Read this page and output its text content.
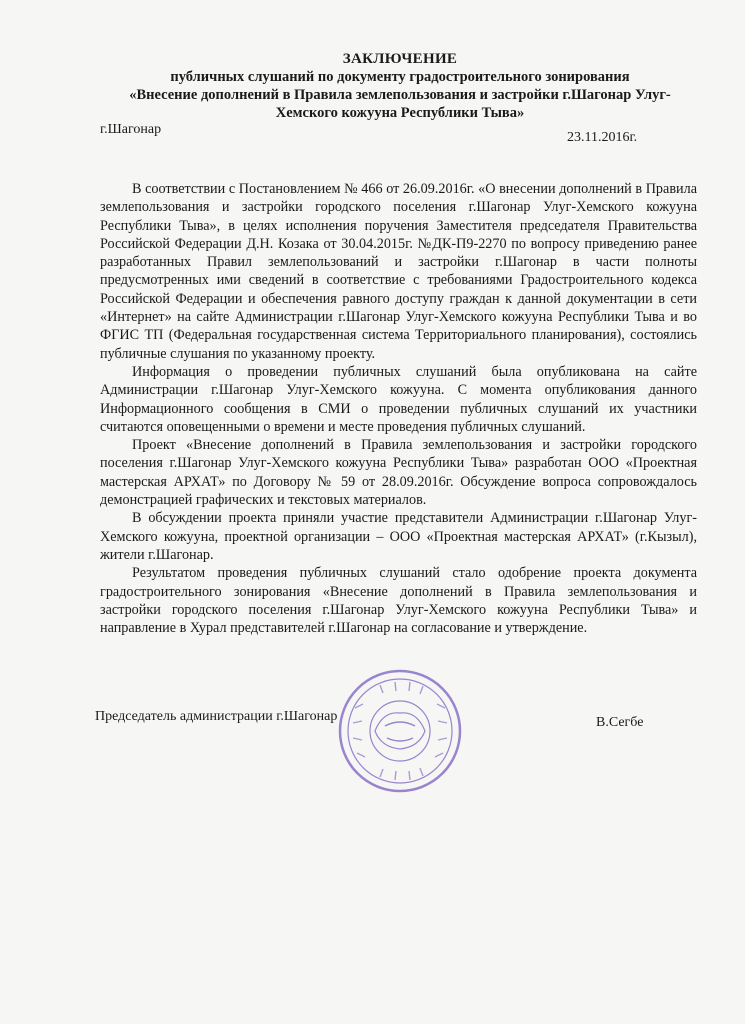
ЗАКЛЮЧЕНИЕ
публичных слушаний по документу градостроительного зонирования
«Внесение дополнений в Правила землепользования и застройки г.Шагонар Улуг-
Хемского кожууна Республики Тыва»
г.Шагонар
23.11.2016г.

В соответствии с Постановлением № 466 от 26.09.2016г. «О внесении дополнений в Правила землепользования и застройки городского поселения г.Шагонар Улуг-Хемского кожууна Республики Тыва», в целях исполнения поручения Заместителя председателя Правительства Российской Федерации Д.Н. Козака от 30.04.2015г. №ДК-П9-2270 по вопросу приведению ранее разработанных Правил землепользований и застройки г.Шагонар в части полноты предусмотренных ими сведений в соответствие с требованиями Градостроительного кодекса Российской Федерации и обеспечения равного доступу граждан к данной документации в сети «Интернет» на сайте Администрации г.Шагонар Улуг-Хемского кожууна Республики Тыва и во ФГИС ТП (Федеральная государственная система Территориального планирования), состоялись публичные слушания по указанному проекту.

Информация о проведении публичных слушаний была опубликована на сайте Администрации г.Шагонар Улуг-Хемского кожууна. С момента опубликования данного Информационного сообщения в СМИ о проведении публичных слушаний их участники считаются оповещенными о времени и месте проведения публичных слушаний.

Проект «Внесение дополнений в Правила землепользования и застройки городского поселения г.Шагонар Улуг-Хемского кожууна Республики Тыва» разработан ООО «Проектная мастерская АРХАТ» по Договору № 59 от 28.09.2016г. Обсуждение вопроса сопровождалось демонстрацией графических и текстовых материалов.

В обсуждении проекта приняли участие представители Администрации г.Шагонар Улуг-Хемского кожууна, проектной организации – ООО «Проектная мастерская АРХАТ» (г.Кызыл), жители г.Шагонар.

Результатом проведения публичных слушаний стало одобрение проекта документа градостроительного зонирования «Внесение дополнений в Правила землепользования и застройки городского поселения г.Шагонар Улуг-Хемского кожууна Республики Тыва» и направление в Хурал представителей г.Шагонар на согласование и утверждение.

Председатель администрации г.Шагонар	В.Сегбе
